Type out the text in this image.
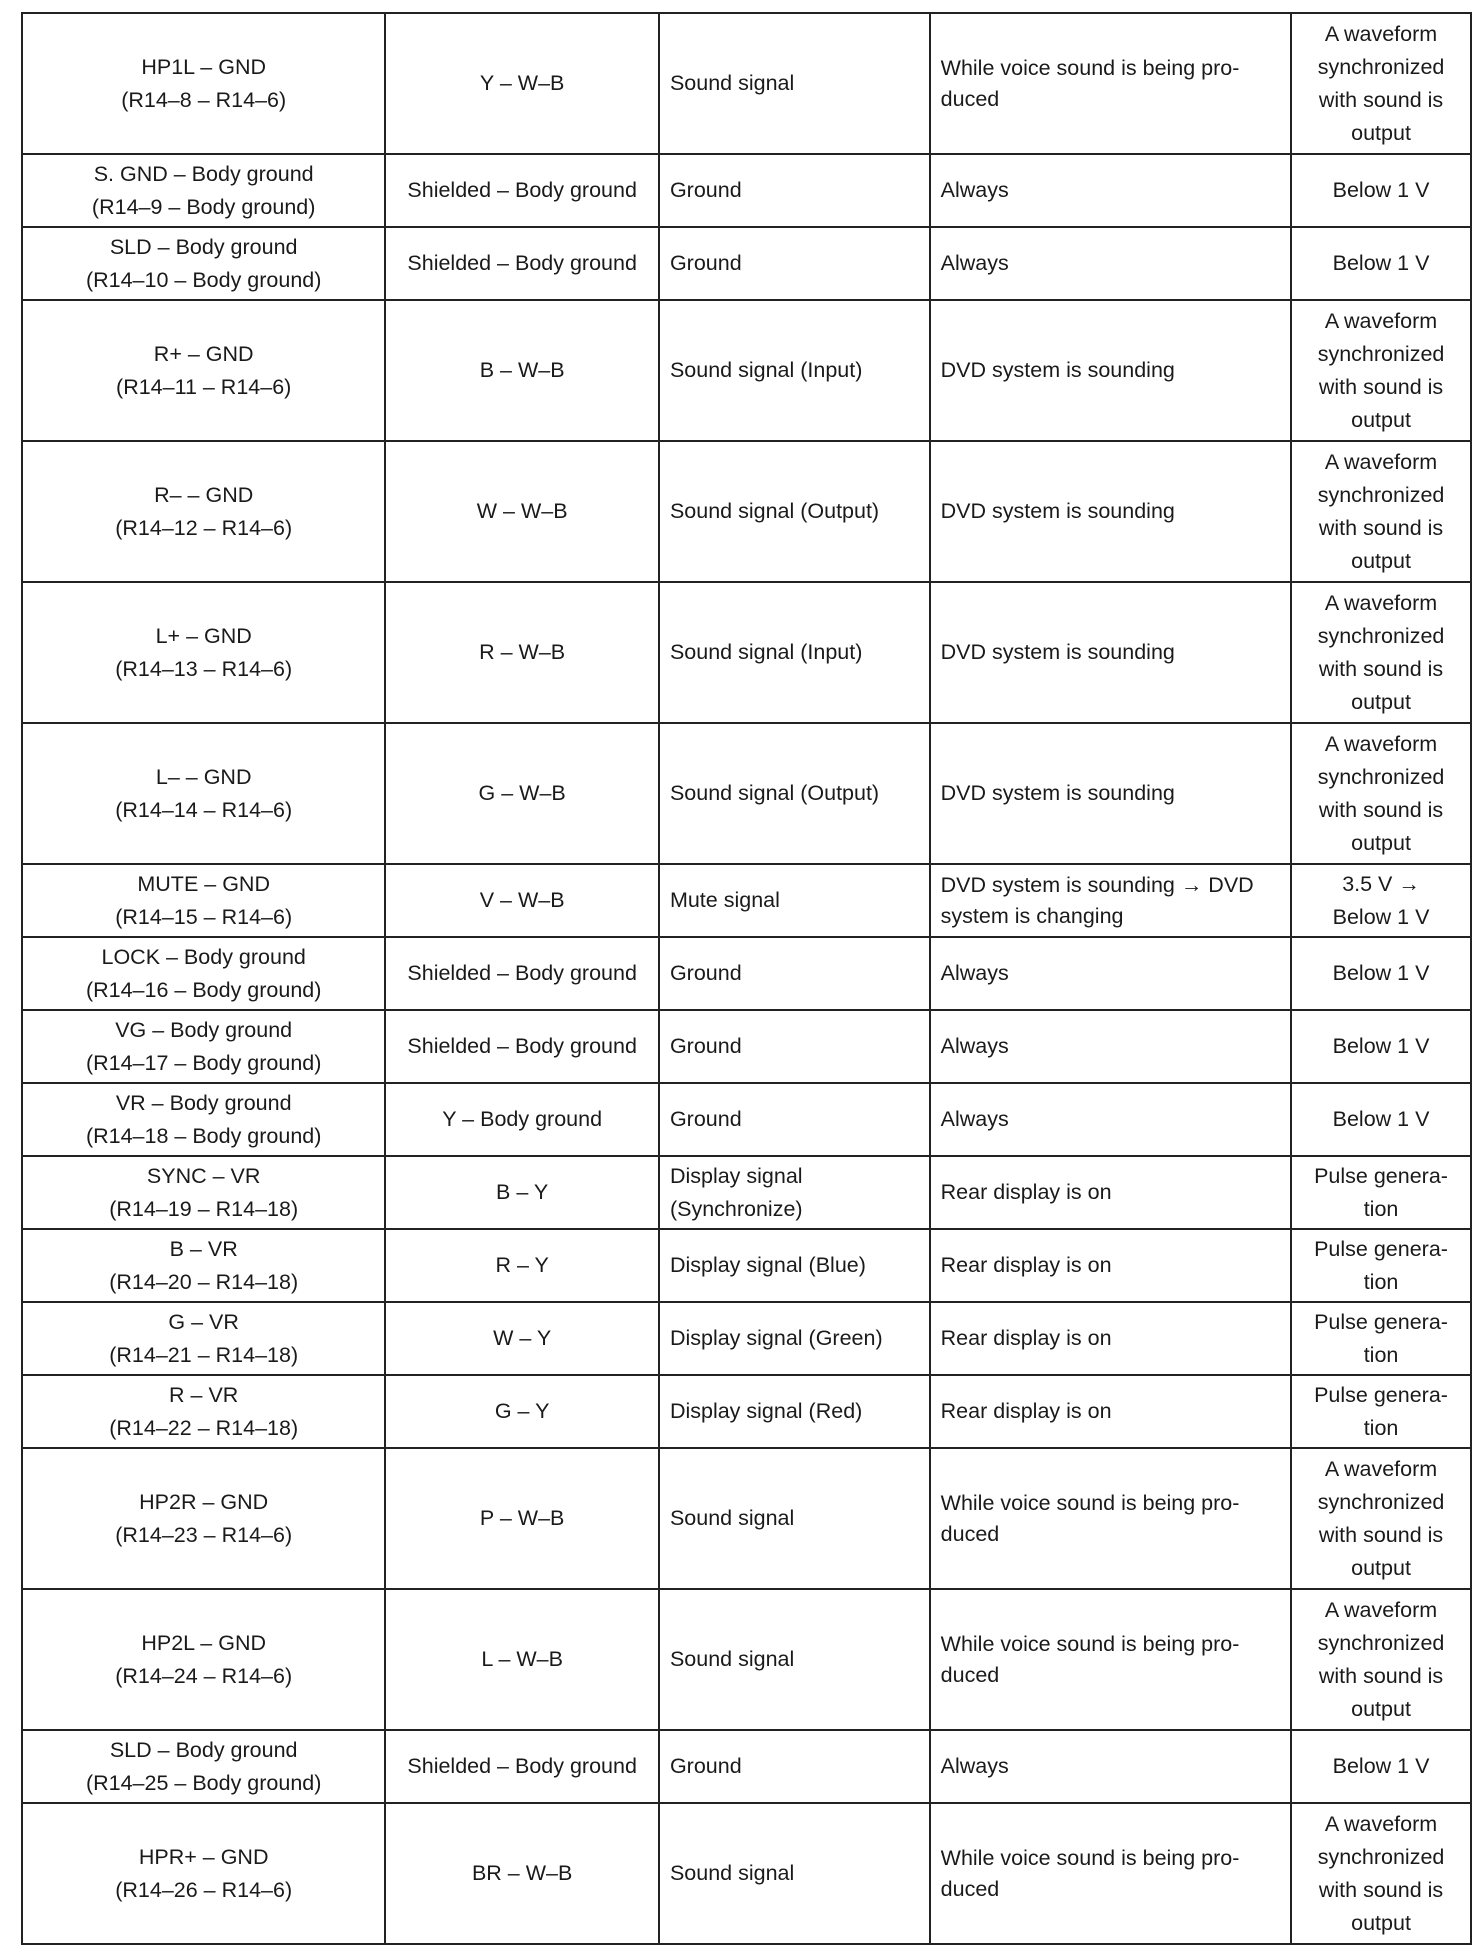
HP1L – GND
(R14–8 – R14–6)	Y – W–B	Sound signal	While voice sound is being pro-
duced	A waveform
synchronized
with sound is
output

S. GND – Body ground
(R14–9 – Body ground)	Shielded – Body ground	Ground	Always	Below 1 V

SLD – Body ground
(R14–10 – Body ground)	Shielded – Body ground	Ground	Always	Below 1 V

R+ – GND
(R14–11 – R14–6)	B – W–B	Sound signal (Input)	DVD system is sounding	A waveform
synchronized
with sound is
output

R– – GND
(R14–12 – R14–6)	W – W–B	Sound signal (Output)	DVD system is sounding	A waveform
synchronized
with sound is
output

L+ – GND
(R14–13 – R14–6)	R – W–B	Sound signal (Input)	DVD system is sounding	A waveform
synchronized
with sound is
output

L– – GND
(R14–14 – R14–6)	G – W–B	Sound signal (Output)	DVD system is sounding	A waveform
synchronized
with sound is
output

MUTE – GND
(R14–15 – R14–6)	V – W–B	Mute signal	DVD system is sounding → DVD
system is changing	3.5 V →
Below 1 V

LOCK – Body ground
(R14–16 – Body ground)	Shielded – Body ground	Ground	Always	Below 1 V

VG – Body ground
(R14–17 – Body ground)	Shielded – Body ground	Ground	Always	Below 1 V

VR – Body ground
(R14–18 – Body ground)	Y – Body ground	Ground	Always	Below 1 V

SYNC – VR
(R14–19 – R14–18)	B – Y	Display signal
(Synchronize)	Rear display is on	Pulse genera-
tion

B – VR
(R14–20 – R14–18)	R – Y	Display signal (Blue)	Rear display is on	Pulse genera-
tion

G – VR
(R14–21 – R14–18)	W – Y	Display signal (Green)	Rear display is on	Pulse genera-
tion

R – VR
(R14–22 – R14–18)	G – Y	Display signal (Red)	Rear display is on	Pulse genera-
tion

HP2R – GND
(R14–23 – R14–6)	P – W–B	Sound signal	While voice sound is being pro-
duced	A waveform
synchronized
with sound is
output

HP2L – GND
(R14–24 – R14–6)	L – W–B	Sound signal	While voice sound is being pro-
duced	A waveform
synchronized
with sound is
output

SLD – Body ground
(R14–25 – Body ground)	Shielded – Body ground	Ground	Always	Below 1 V

HPR+ – GND
(R14–26 – R14–6)	BR – W–B	Sound signal	While voice sound is being pro-
duced	A waveform
synchronized
with sound is
output
